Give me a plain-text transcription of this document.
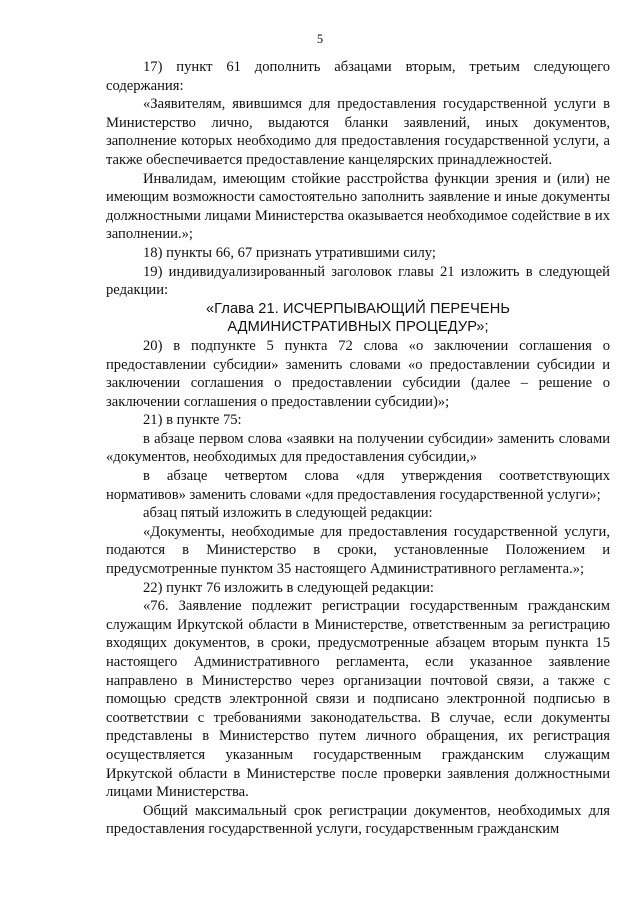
5

17) пункт 61 дополнить абзацами вторым, третьим следующего содержания:

«Заявителям, явившимся для предоставления государственной услуги в Министерство лично, выдаются бланки заявлений, иных документов, заполнение которых необходимо для предоставления государственной услуги, а также обеспечивается предоставление канцелярских принадлежностей.

Инвалидам, имеющим стойкие расстройства функции зрения и (или) не имеющим возможности самостоятельно заполнить заявление и иные документы должностными лицами Министерства оказывается необходимое содействие в их заполнении.»;

18) пункты 66, 67 признать утратившими силу;

19) индивидуализированный заголовок главы 21 изложить в следующей редакции:

«Глава 21. ИСЧЕРПЫВАЮЩИЙ ПЕРЕЧЕНЬ

АДМИНИСТРАТИВНЫХ ПРОЦЕДУР»;

20) в подпункте 5 пункта 72 слова «о заключении соглашения о предоставлении субсидии» заменить словами «о предоставлении субсидии и заключении соглашения о предоставлении субсидии (далее – решение о заключении соглашения о предоставлении субсидии)»;

21) в пункте 75:

в абзаце первом слова «заявки на получении субсидии» заменить словами «документов, необходимых для предоставления субсидии,»

в абзаце четвертом слова «для утверждения соответствующих нормативов» заменить словами «для предоставления государственной услуги»;

абзац пятый изложить в следующей редакции:

«Документы, необходимые для предоставления государственной услуги, подаются в Министерство в сроки, установленные Положением и предусмотренные пунктом 35 настоящего Административного регламента.»;

22) пункт 76 изложить в следующей редакции:

«76. Заявление подлежит регистрации государственным гражданским служащим Иркутской области в Министерстве, ответственным за регистрацию входящих документов, в сроки, предусмотренные абзацем вторым пункта 15 настоящего Административного регламента, если указанное заявление направлено в Министерство через организации почтовой связи, а также с помощью средств электронной связи и подписано электронной подписью в соответствии с требованиями законодательства. В случае, если документы представлены в Министерство путем личного обращения, их регистрация осуществляется указанным государственным гражданским служащим Иркутской области в Министерстве после проверки заявления должностными лицами Министерства.

Общий максимальный срок регистрации документов, необходимых для предоставления государственной услуги, государственным гражданским
